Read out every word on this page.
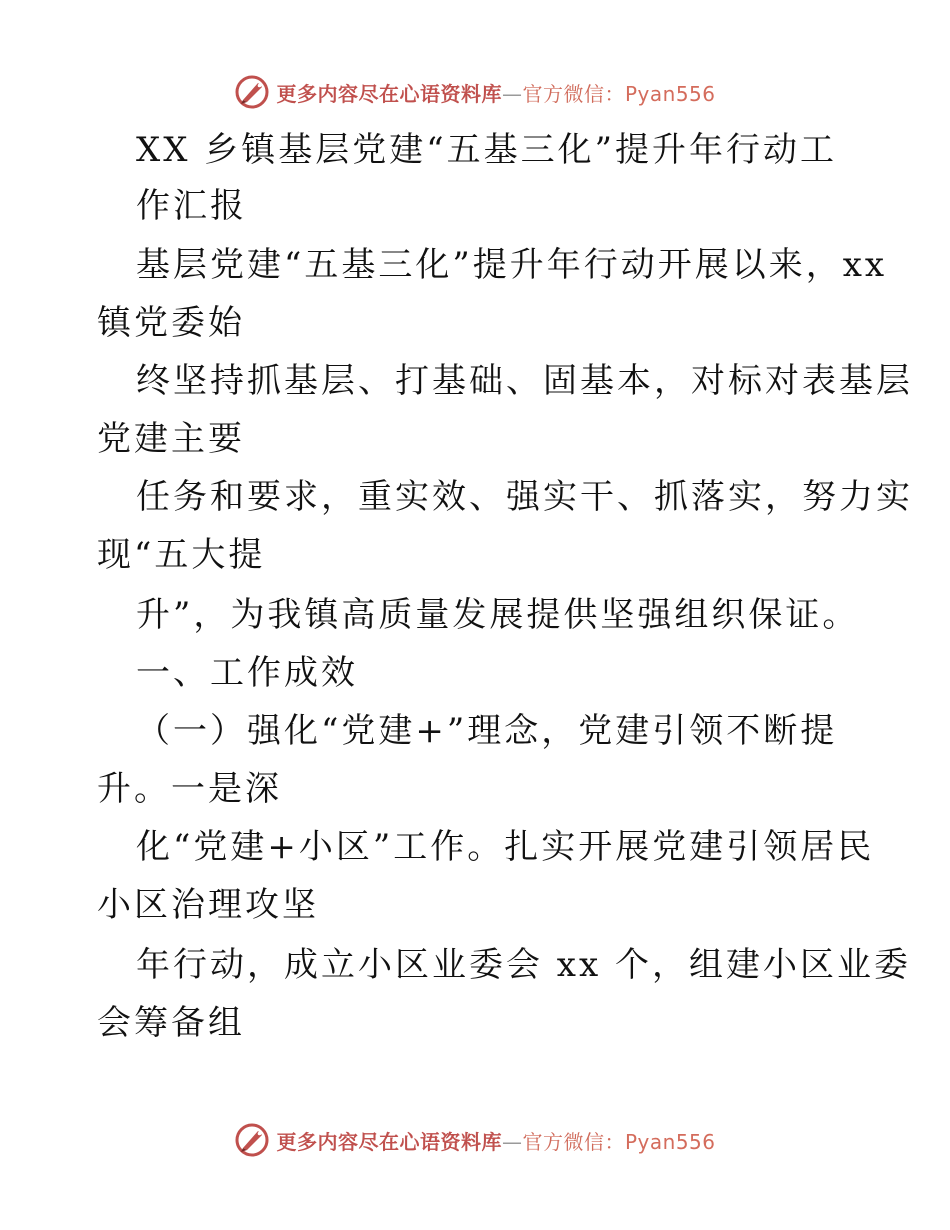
更多内容尽在心语资料库—官方微信：Pyan556
XX 乡镇基层党建“五基三化”提升年行动工
作汇报
基层党建“五基三化”提升年行动开展以来，xx
镇党委始
终坚持抓基层、打基础、固基本，对标对表基层
党建主要
任务和要求，重实效、强实干、抓落实，努力实
现“五大提
升”，为我镇高质量发展提供坚强组织保证。
一、工作成效
（一）强化“党建+”理念，党建引领不断提
升。一是深
化“党建+小区”工作。扎实开展党建引领居民
小区治理攻坚
年行动，成立小区业委会 xx 个，组建小区业委
会筹备组
更多内容尽在心语资料库—官方微信：Pyan556
